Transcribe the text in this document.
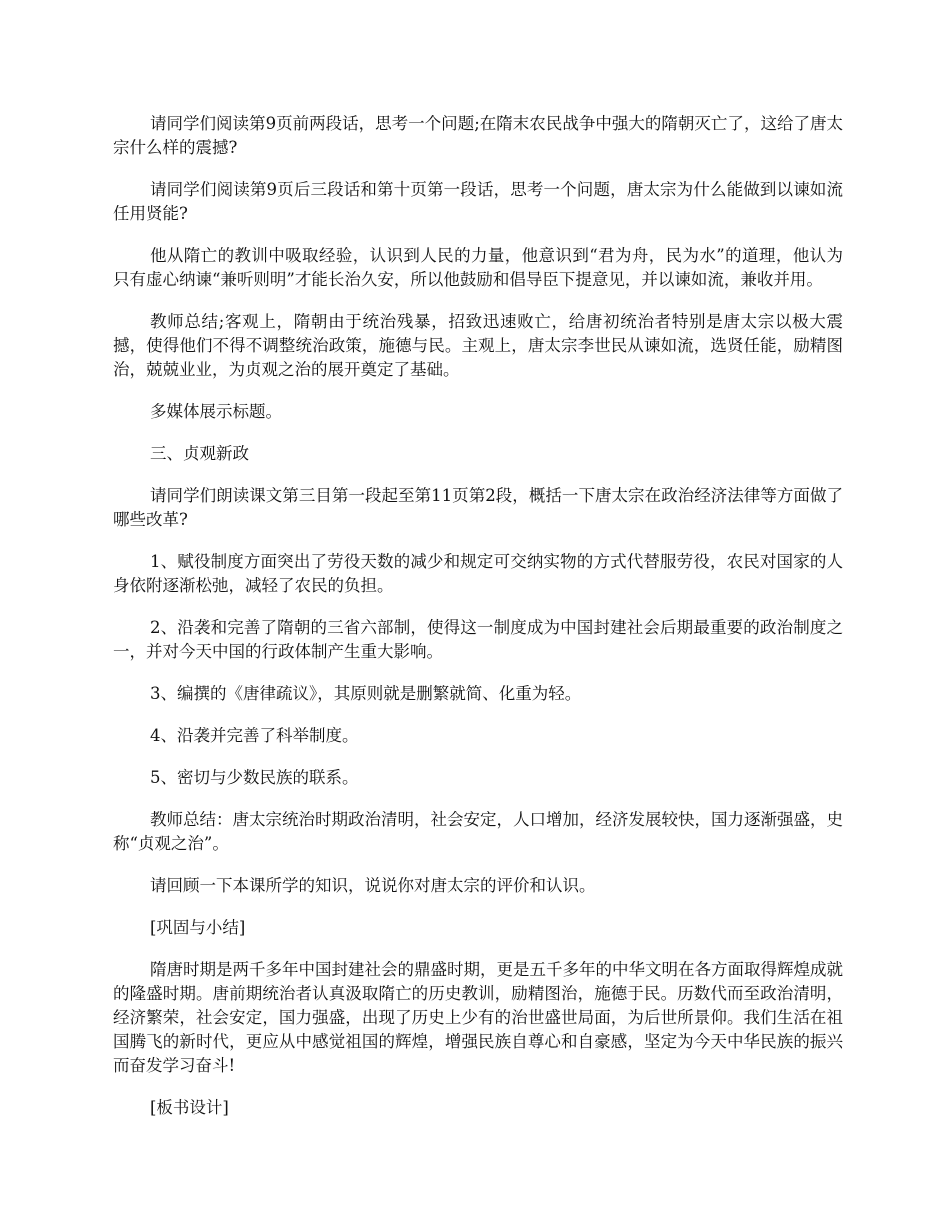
请同学们阅读第9页前两段话，思考一个问题;在隋末农民战争中强大的隋朝灭亡了，这给了唐太宗什么样的震撼?

请同学们阅读第9页后三段话和第十页第一段话，思考一个问题，唐太宗为什么能做到以谏如流任用贤能?

他从隋亡的教训中吸取经验，认识到人民的力量，他意识到“君为舟，民为水”的道理，他认为只有虚心纳谏“兼听则明”才能长治久安，所以他鼓励和倡导臣下提意见，并以谏如流，兼收并用。

教师总结;客观上，隋朝由于统治残暴，招致迅速败亡，给唐初统治者特别是唐太宗以极大震撼，使得他们不得不调整统治政策，施德与民。主观上，唐太宗李世民从谏如流，选贤任能，励精图治，兢兢业业，为贞观之治的展开奠定了基础。

多媒体展示标题。

三、贞观新政

请同学们朗读课文第三目第一段起至第11页第2段，概括一下唐太宗在政治经济法律等方面做了哪些改革?

1、赋役制度方面突出了劳役天数的减少和规定可交纳实物的方式代替服劳役，农民对国家的人身依附逐渐松弛，减轻了农民的负担。

2、沿袭和完善了隋朝的三省六部制，使得这一制度成为中国封建社会后期最重要的政治制度之一，并对今天中国的行政体制产生重大影响。

3、编撰的《唐律疏议》，其原则就是删繁就简、化重为轻。

4、沿袭并完善了科举制度。

5、密切与少数民族的联系。

教师总结：唐太宗统治时期政治清明，社会安定，人口增加，经济发展较快，国力逐渐强盛，史称“贞观之治”。

请回顾一下本课所学的知识，说说你对唐太宗的评价和认识。

[巩固与小结]

隋唐时期是两千多年中国封建社会的鼎盛时期，更是五千多年的中华文明在各方面取得辉煌成就的隆盛时期。唐前期统治者认真汲取隋亡的历史教训，励精图治，施德于民。历数代而至政治清明，经济繁荣，社会安定，国力强盛，出现了历史上少有的治世盛世局面，为后世所景仰。我们生活在祖国腾飞的新时代，更应从中感觉祖国的辉煌，增强民族自尊心和自豪感，坚定为今天中华民族的振兴而奋发学习奋斗!

[板书设计]
